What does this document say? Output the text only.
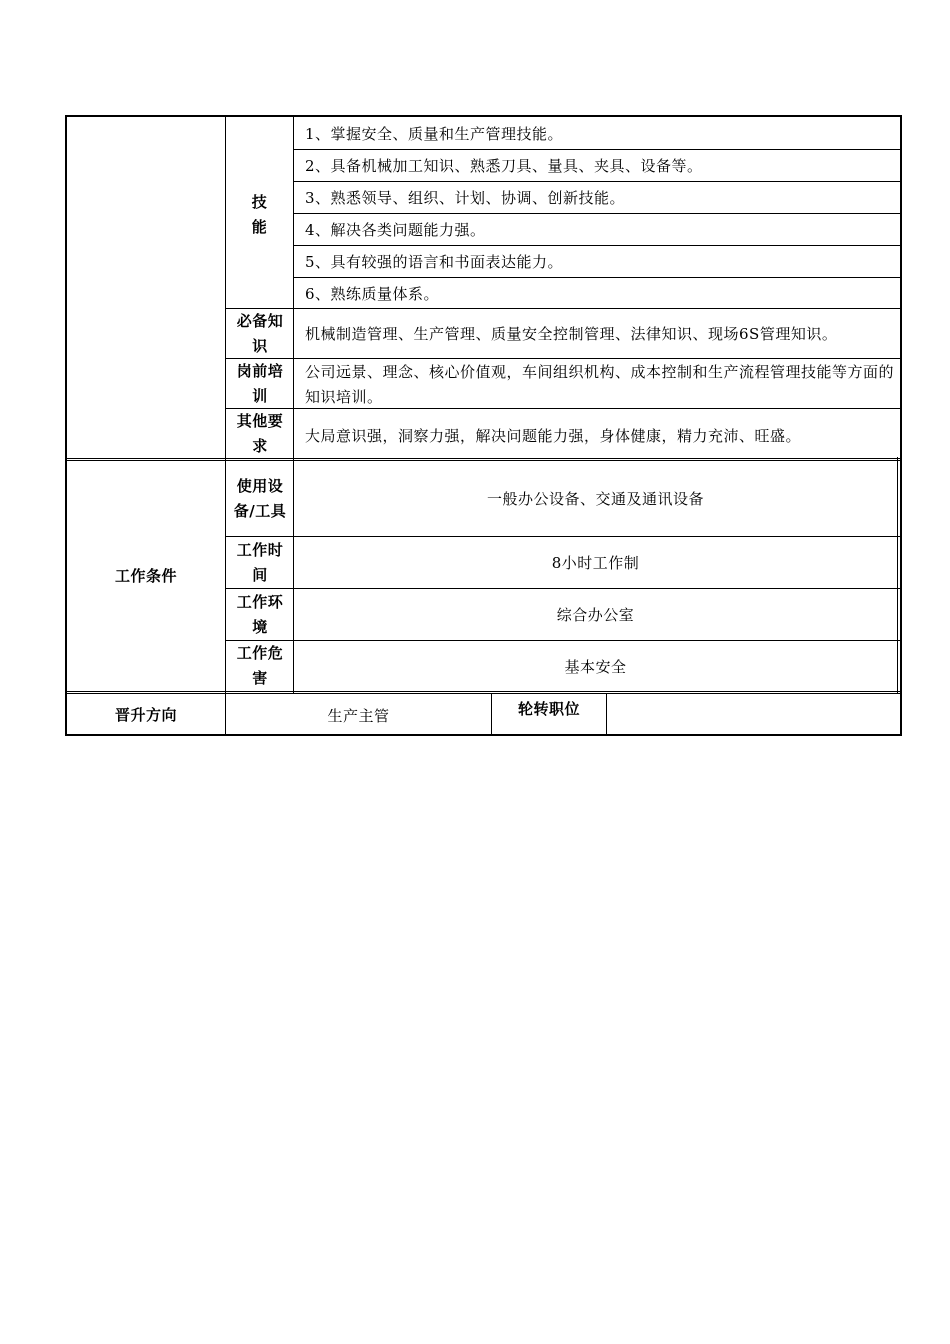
技
能
1、掌握安全、质量和生产管理技能。
2、具备机械加工知识、熟悉刀具、量具、夹具、设备等。
3、熟悉领导、组织、计划、协调、创新技能。
4、解决各类问题能力强。
5、具有较强的语言和书面表达能力。
6、熟练质量体系。
必备知识
机械制造管理、生产管理、质量安全控制管理、法律知识、现场6S管理知识。
岗前培训
公司远景、理念、核心价值观，车间组织机构、成本控制和生产流程管理技能等方面的知识培训。
其他要求
大局意识强，洞察力强，解决问题能力强，身体健康，精力充沛、旺盛。
工作条件
使用设备/工具
一般办公设备、交通及通讯设备
工作时间
8小时工作制
工作环境
综合办公室
工作危害
基本安全
晋升方向	生产主管	轮转职位
